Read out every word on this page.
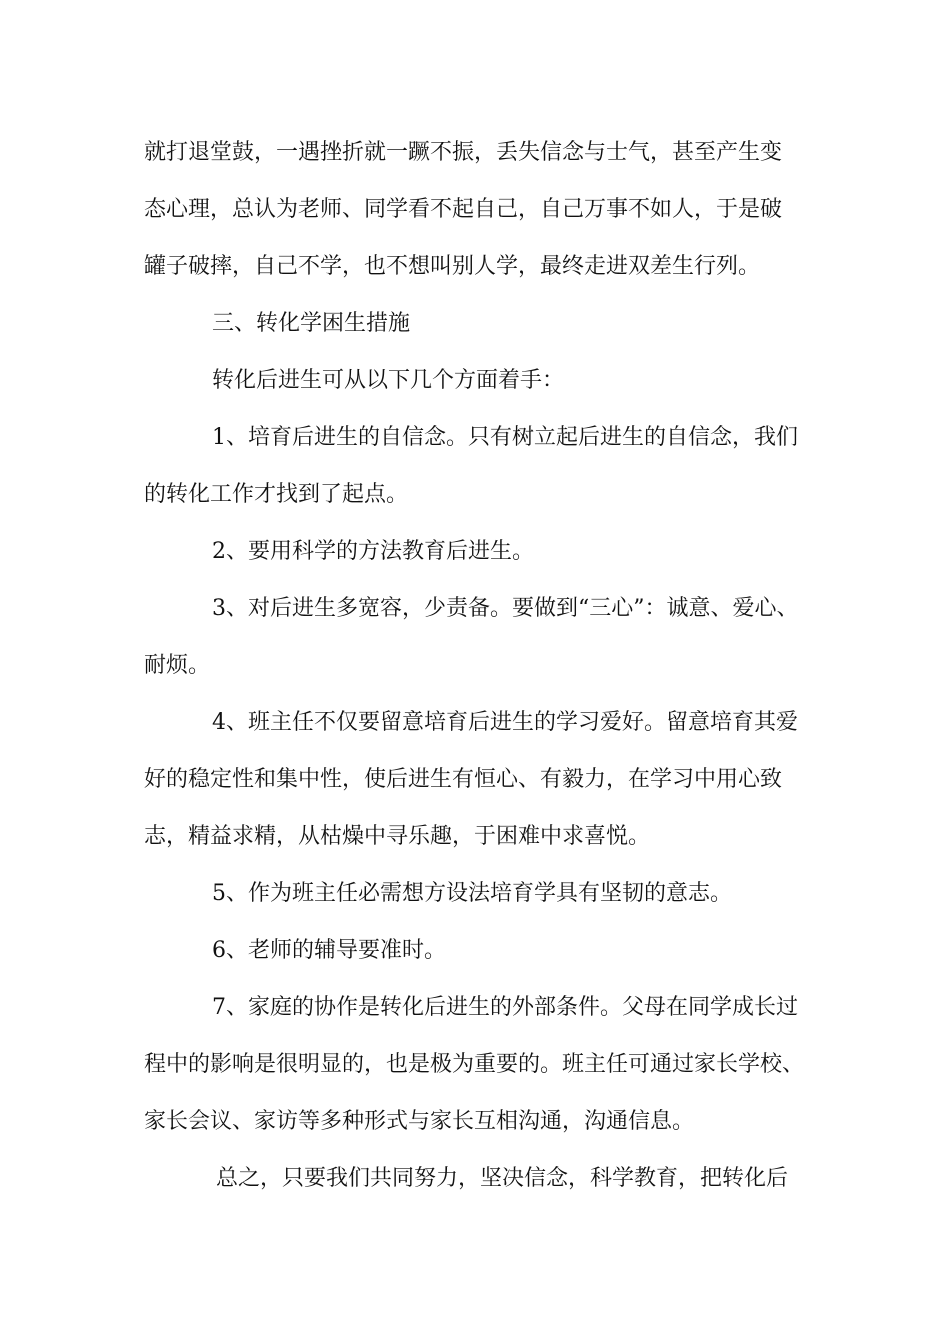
就打退堂鼓，一遇挫折就一蹶不振，丢失信念与士气，甚至产生变

态心理，总认为老师、同学看不起自己，自己万事不如人，于是破

罐子破摔，自己不学，也不想叫别人学，最终走进双差生行列。

三、转化学困生措施

转化后进生可从以下几个方面着手：

1、培育后进生的自信念。只有树立起后进生的自信念，我们

的转化工作才找到了起点。

2、要用科学的方法教育后进生。

3、对后进生多宽容，少责备。要做到“三心”：诚意、爱心、

耐烦。

4、班主任不仅要留意培育后进生的学习爱好。留意培育其爱

好的稳定性和集中性，使后进生有恒心、有毅力，在学习中用心致

志，精益求精，从枯燥中寻乐趣，于困难中求喜悦。

5、作为班主任必需想方设法培育学具有坚韧的意志。

6、老师的辅导要准时。

7、家庭的协作是转化后进生的外部条件。父母在同学成长过

程中的影响是很明显的，也是极为重要的。班主任可通过家长学校、

家长会议、家访等多种形式与家长互相沟通，沟通信息。

总之，只要我们共同努力，坚决信念，科学教育，把转化后
